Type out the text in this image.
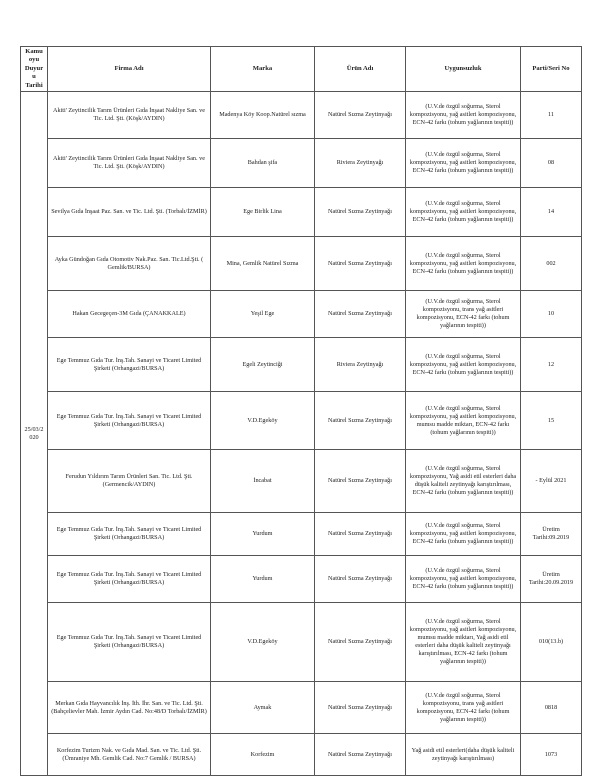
Kamuoyu Duyuru Tarihi	Firma Adı	Marka	Ürün Adı	Uygunsuzluk	Parti/Seri No
25/03/2020	Akiti' Zeytincilik Tarım Ürünleri Gıda İnşaat Nakliye San. ve Tic. Ltd. Şti. (Köşk/AYDIN)	Madenya Köy Koop.Natürel sızma	Natürel Sızma Zeytinyağı	(U.V.de özgül soğurma, Sterol kompozisyonu, yağ asitleri kompozisyonu, ECN-42 farkı (tohum yağlarının tespiti))	11
	Akiti' Zeytincilik Tarım Ürünleri Gıda İnşaat Nakliye San. ve Tic. Ltd. Şti. (Köşk/AYDIN)	Bahdan şifa	Riviera Zeytinyağı	(U.V.de özgül soğurma, Sterol kompozisyonu, yağ asitleri kompozisyonu, ECN-42 farkı (tohum yağlarının tespiti))	08
	Sevilya Gıda İnşaat Paz. San. ve Tic. Ltd. Şti. (Torbalı/İZMİR)	Ege Birlik Lina	Natürel Sızma Zeytinyağı	(U.V.de özgül soğurma, Sterol kompozisyonu, yağ asitleri kompozisyonu, ECN-42 farkı (tohum yağlarının tespiti))	14
	Ayka Gündoğan Gıda Otomotiv Nak.Paz. San. Tic.Ltd.Şti. ( Gemlik/BURSA)	Mina, Gemlik Natürel Sızma	Natürel Sızma Zeytinyağı	(U.V.de özgül soğurma, Sterol kompozisyonu, yağ asitleri kompozisyonu, ECN-42 farkı (tohum yağlarının tespiti))	002
	Hakan Gecegeçen-3M Gıda (ÇANAKKALE)	Yeşil Ege	Natürel Sızma Zeytinyağı	(U.V.de özgül soğurma, Sterol kompozisyonu, trans yağ asitleri kompozisyonu, ECN-42 farkı (tohum yağlarının tespiti))	10
	Ege Temmuz Gıda Tur. İnş.Tah. Sanayi ve Ticaret Limited Şirketi (Orhangazi/BURSA)	Egeli Zeytinciği	Riviera Zeytinyağı	(U.V.de özgül soğurma, Sterol kompozisyonu, yağ asitleri kompozisyonu, ECN-42 farkı (tohum yağlarının tespiti))	12
	Ege Temmuz Gıda Tur. İnş.Tah. Sanayi ve Ticaret Limited Şirketi (Orhangazi/BURSA)	V.D.Egeköy	Natürel Sızma Zeytinyağı	(U.V.de özgül soğurma, Sterol kompozisyonu, yağ asitleri kompozisyonu, mumsu madde miktarı, ECN-42 farkı (tohum yağlarının tespiti))	15
	Ferudun Yıldırım Tarım Ürünleri San. Tic. Ltd. Şti. (Germencik/AYDIN)	İncabat	Natürel Sızma Zeytinyağı	(U.V.de özgül soğurma, Sterol kompozisyonu, Yağ asidi etil esterleri daha düşük kaliteli zeytinyağı karıştırılması, ECN-42 farkı (tohum yağlarının tespiti))	- Eylül 2021
	Ege Temmuz Gıda Tur. İnş.Tah. Sanayi ve Ticaret Limited Şirketi (Orhangazi/BURSA)	Yurdum	Natürel Sızma Zeytinyağı	(U.V.de özgül soğurma, Sterol kompozisyonu, yağ asitleri kompozisyonu, ECN-42 farkı (tohum yağlarının tespiti))	Üretim Tarihi:09.2019
	Ege Temmuz Gıda Tur. İnş.Tah. Sanayi ve Ticaret Limited Şirketi (Orhangazi/BURSA)	Yurdum	Natürel Sızma Zeytinyağı	(U.V.de özgül soğurma, Sterol kompozisyonu, yağ asitleri kompozisyonu, ECN-42 farkı (tohum yağlarının tespiti))	Üretim Tarihi:20.09.2019
	Ege Temmuz Gıda Tur. İnş.Tah. Sanayi ve Ticaret Limited Şirketi (Orhangazi/BURSA)	V.D.Egeköy	Natürel Sızma Zeytinyağı	(U.V.de özgül soğurma, Sterol kompozisyonu, yağ asitleri kompozisyonu, mumsu madde miktarı, Yağ asidi etil esterleri daha düşük kaliteli zeytinyağı karıştırılması, ECN-42 farkı (tohum yağlarının tespiti))	010(13.b)
	Merkan Gıda Hayvancılık İnş. İth. İhr. San. ve Tic. Ltd. Şti.(Bahçelievler Mah. İzmir Aydın Cad. No:48/D Torbalı/İZMİR)	Aymak	Natürel Sızma Zeytinyağı	(U.V.de özgül soğurma, Sterol kompozisyonu, trans yağ asitleri kompozisyonu, ECN-42 farkı (tohum yağlarının tespiti))	0818
	Korfezim Turizm Nak. ve Gıda Mad. San. ve Tic. Ltd. Şti. (Ümraniye Mh. Gemlik Cad. No:7 Gemlik / BURSA)	Korfezim	Natürel Sızma Zeytinyağı	Yağ asidi etil esterleri(daha düşük kaliteli zeytinyağı karıştırılması)	1073
